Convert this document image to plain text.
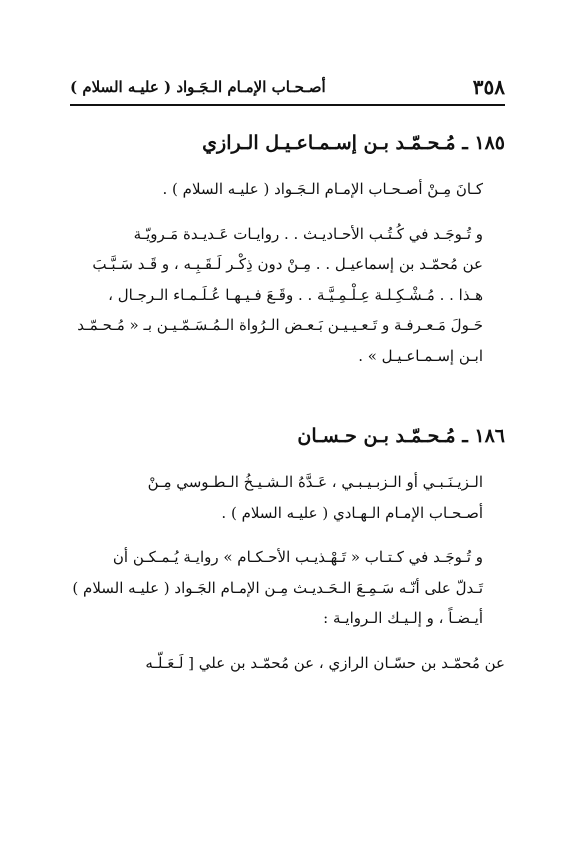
٣٥٨
أصـحـاب الإمـام الـجَـواد ( عليـه السلام )
١٨٥ ـ مُـحـمّـد بـن إسـمـاعـيـل الـرازي

كـانَ مِـنْ أصـحـاب الإمـام الـجَـواد ( عليـه السلام ) .

و تُـوجَـد في كُـتُـب الأحـاديـث . . روايـات عَـديـدة مَـرويّـة
عن مُحمّـد بن إسماعيـل . . مِـنْ دون ذِكْـر لَـقَـبِـه ، و قَـد سَـبَّـبَ
هـذا . . مُـشْـكِـلـة عِـلْـمِـيَّـة . . وقَـعَ فـيـهـا عُـلَـمـاء الـرجـال ،
حَـولَ مَـعـرفـة و تَـعـيـيـن بَـعـض الـرُواة الـمُـسَـمّـيـن بـ « مُـحـمّـد
ابـن إسـمـاعـيـل » .

١٨٦ ـ مُـحـمّـد بـن حـسـان

الـزيـنَـبـي أو الـزبـيـبـي ، عَـدَّهُ الـشـيـخُ الـطـوسي مِـنْ
أصـحـاب الإمـام الـهـادي ( عليـه السلام ) .

و تُـوجَـد في كـتـاب « تَـهْـذيـب الأحـكـام » روايـة يُـمـكـن أن
تَـدلّ على أنّـه سَـمِـعَ الـحَـديـث مِـن الإمـام الجَـواد ( عليـه السلام )
أيـضـاً ، و إلـيـك الـروايـة :

عن مُحمّـد بن حسّـان الرازي ، عن مُحمّـد بن علي [ لَـعَـلّـه
